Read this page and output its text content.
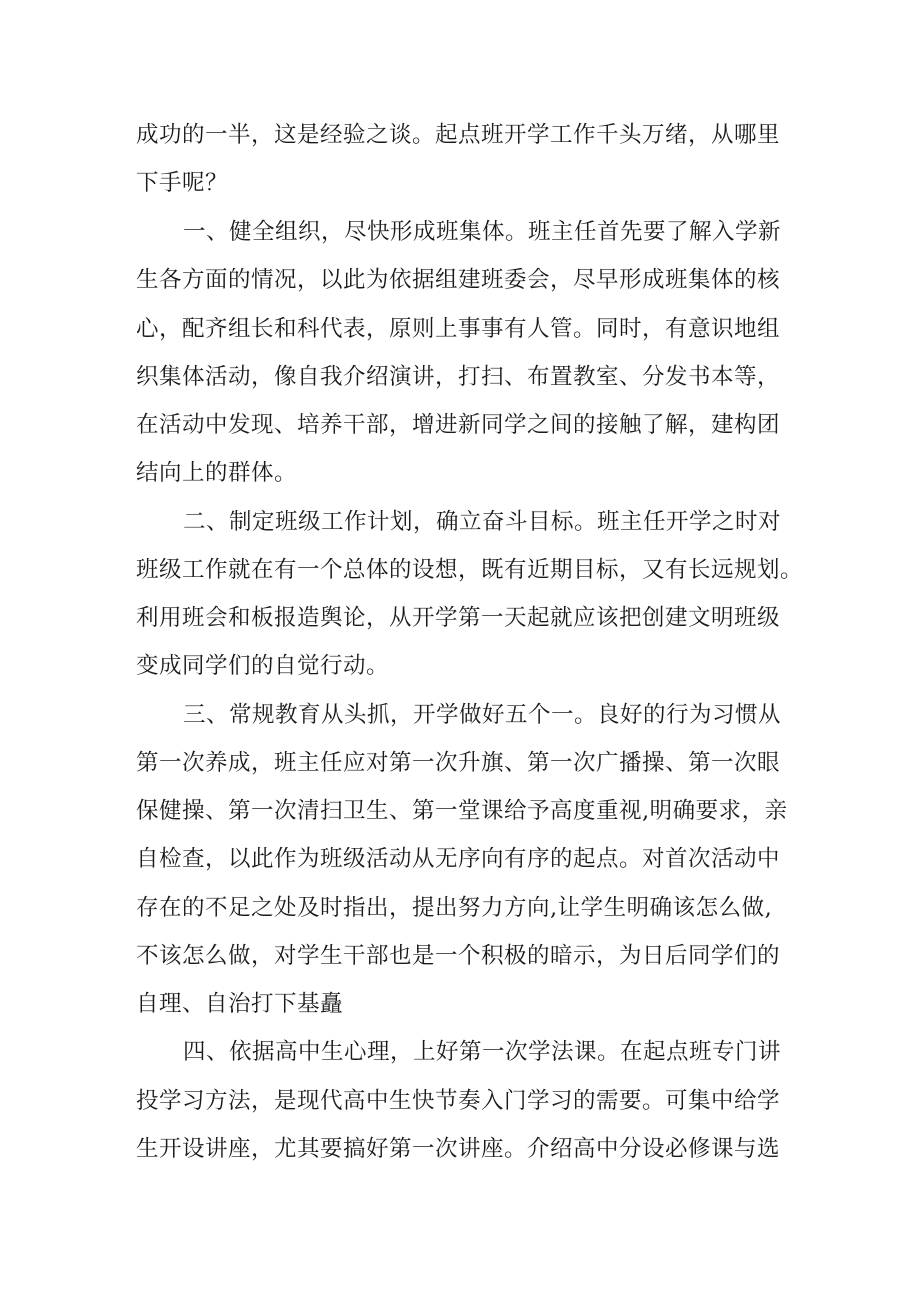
成功的一半，这是经验之谈。起点班开学工作千头万绪，从哪里
下手呢？
一、健全组织，尽快形成班集体。班主任首先要了解入学新
生各方面的情况，以此为依据组建班委会，尽早形成班集体的核
心，配齐组长和科代表，原则上事事有人管。同时，有意识地组
织集体活动，像自我介绍演讲，打扫、布置教室、分发书本等，
在活动中发现、培养干部，增进新同学之间的接触了解，建构团
结向上的群体。
二、制定班级工作计划，确立奋斗目标。班主任开学之时对
班级工作就在有一个总体的设想，既有近期目标，又有长远规划。
利用班会和板报造舆论，从开学第一天起就应该把创建文明班级
变成同学们的自觉行动。
三、常规教育从头抓，开学做好五个一。良好的行为习惯从
第一次养成，班主任应对第一次升旗、第一次广播操、第一次眼
保健操、第一次清扫卫生、第一堂课给予高度重视,明确要求，亲
自检查，以此作为班级活动从无序向有序的起点。对首次活动中
存在的不足之处及时指出，提出努力方向,让学生明确该怎么做,
不该怎么做，对学生干部也是一个积极的暗示，为日后同学们的
自理、自治打下基矗
四、依据高中生心理，上好第一次学法课。在起点班专门讲
投学习方法，是现代高中生快节奏入门学习的需要。可集中给学
生开设讲座，尤其要搞好第一次讲座。介绍高中分设必修课与选
